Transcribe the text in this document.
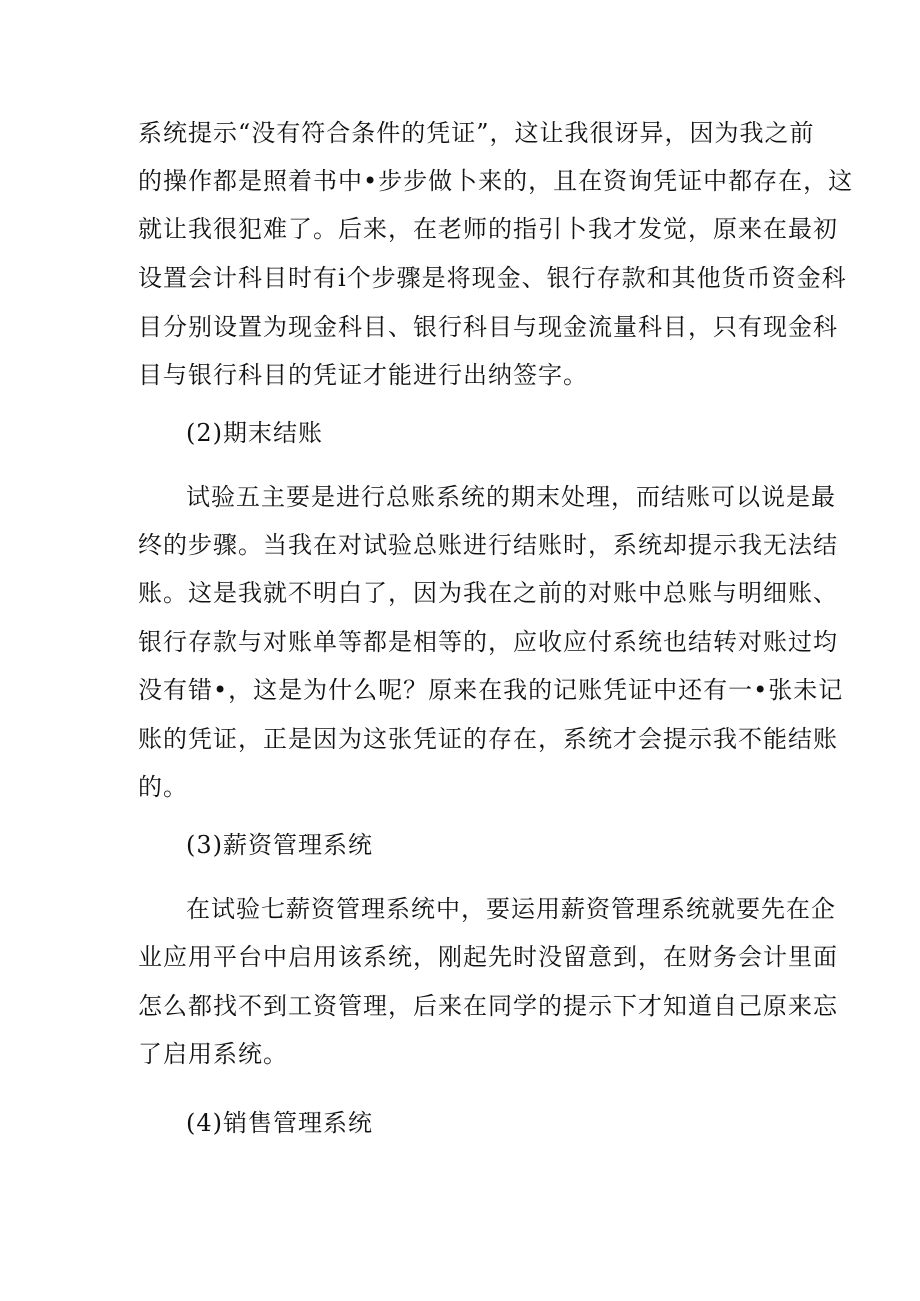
系统提示“没有符合条件的凭证”，这让我很讶异，因为我之前
的操作都是照着书中•步步做卜来的，且在资询凭证中都存在，这
就让我很犯难了。后来，在老师的指引卜我才发觉，原来在最初
设置会计科目时有i个步骤是将现金、银行存款和其他货币资金科
目分别设置为现金科目、银行科目与现金流量科目，只有现金科
目与银行科目的凭证才能进行出纳签字。
(2)期末结账
试验五主要是进行总账系统的期末处理，而结账可以说是最
终的步骤。当我在对试验总账进行结账时，系统却提示我无法结
账。这是我就不明白了，因为我在之前的对账中总账与明细账、
银行存款与对账单等都是相等的，应收应付系统也结转对账过均
没有错•，这是为什么呢？原来在我的记账凭证中还有一•张未记
账的凭证，正是因为这张凭证的存在，系统才会提示我不能结账
的。
(3)薪资管理系统
在试验七薪资管理系统中，要运用薪资管理系统就要先在企
业应用平台中启用该系统，刚起先时没留意到，在财务会计里面
怎么都找不到工资管理，后来在同学的提示下才知道自己原来忘
了启用系统。
(4)销售管理系统
